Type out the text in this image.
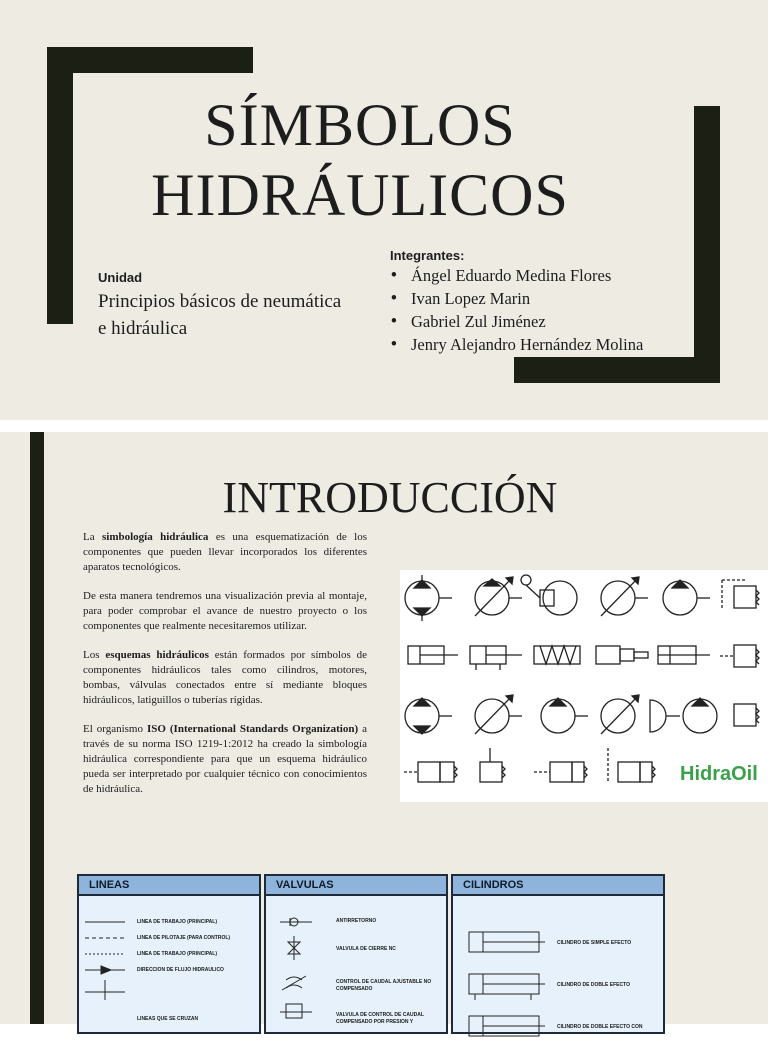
SÍMBOLOS
HIDRÁULICOS
Unidad
Principios básicos de neumática e hidráulica
Integrantes:
• Ángel Eduardo Medina Flores
• Ivan Lopez Marin
• Gabriel Zul Jiménez
• Jenry Alejandro Hernández Molina
INTRODUCCIÓN

La simbología hidráulica es una esquematización de los componentes que pueden llevar incorporados los diferentes aparatos tecnológicos.

De esta manera tendremos una visualización previa al montaje, para poder comprobar el avance de nuestro proyecto o los componentes que realmente necesitaremos utilizar.

Los esquemas hidráulicos están formados por símbolos de componentes hidráulicos tales como cilindros, motores, bombas, válvulas conectados entre sí mediante bloques hidráulicos, latiguillos o tuberías rígidas.

El organismo ISO (International Standards Organization) a través de su norma ISO 1219-1:2012 ha creado la simbología hidráulica correspondiente para que un esquema hidráulico pueda ser interpretado por cualquier técnico con conocimientos de hidráulica.

HidraOil
LINEAS
LINEA DE TRABAJO (PRINCIPAL)
LINEA DE PILOTAJE (PARA CONTROL)
LINEA DE TRABAJO (PRINCIPAL)
DIRECCION DE FLUJO HIDRAULICO
LINEAS QUE SE CRUZAN
VALVULAS
ANTIRRETORNO
VALVULA DE CIERRE NC
CONTROL DE CAUDAL AJUSTABLE NO COMPENSADO
VALVULA DE CONTROL DE CAUDAL COMPENSADO POR PRESION Y
CILINDROS
CILINDRO DE SIMPLE EFECTO
CILINDRO DE DOBLE EFECTO
CILINDRO DE DOBLE EFECTO CON
